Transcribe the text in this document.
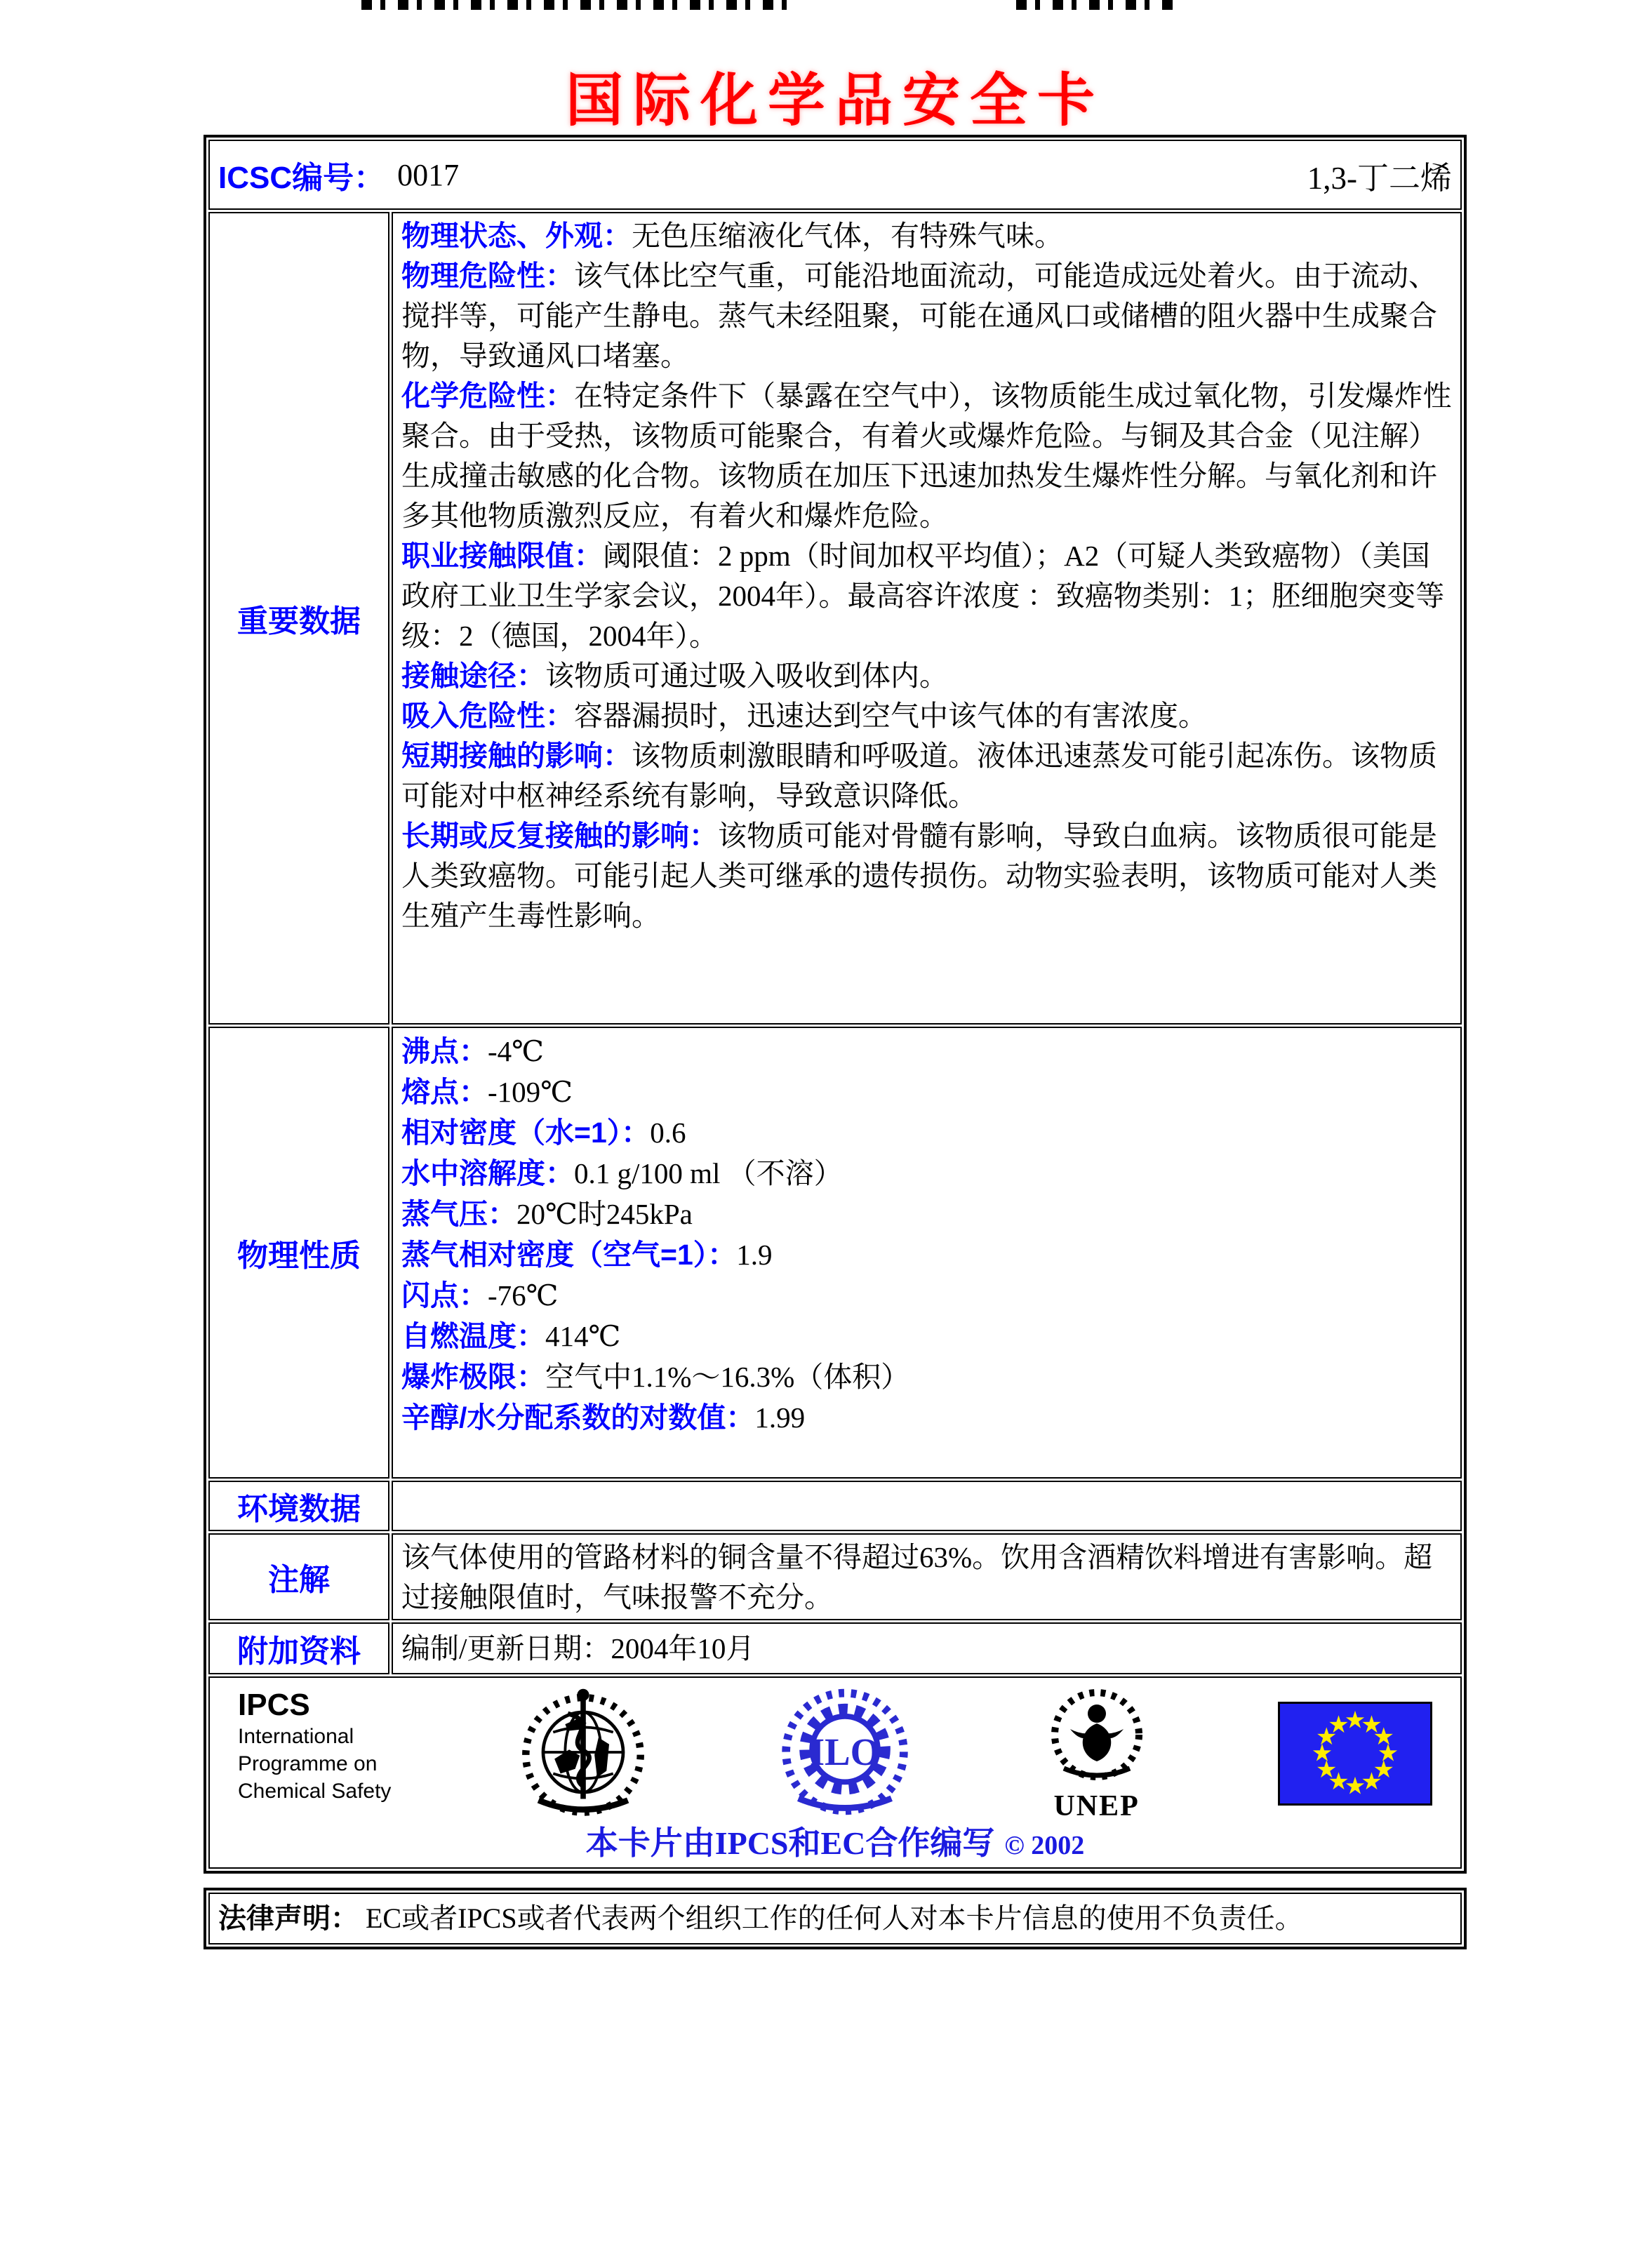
国际化学品安全卡
ICSC编号： 0017	1,3-丁二烯
重要数据
物理状态、外观：无色压缩液化气体，有特殊气味。
物理危险性：该气体比空气重，可能沿地面流动，可能造成远处着火。由于流动、搅拌等，可能产生静电。蒸气未经阻聚，可能在通风口或储槽的阻火器中生成聚合物，导致通风口堵塞。
化学危险性：在特定条件下（暴露在空气中），该物质能生成过氧化物，引发爆炸性聚合。由于受热，该物质可能聚合，有着火或爆炸危险。与铜及其合金（见注解）生成撞击敏感的化合物。该物质在加压下迅速加热发生爆炸性分解。与氧化剂和许多其他物质激烈反应，有着火和爆炸危险。
职业接触限值：阈限值：2 ppm（时间加权平均值）；A2（可疑人类致癌物）（美国政府工业卫生学家会议，2004年）。最高容许浓度 ：致癌物类别：1；胚细胞突变等级：2（德国，2004年）。
接触途径：该物质可通过吸入吸收到体内。
吸入危险性：容器漏损时，迅速达到空气中该气体的有害浓度。
短期接触的影响：该物质刺激眼睛和呼吸道。液体迅速蒸发可能引起冻伤。该物质可能对中枢神经系统有影响，导致意识降低。
长期或反复接触的影响：该物质可能对骨髓有影响，导致白血病。该物质很可能是人类致癌物。可能引起人类可继承的遗传损伤。动物实验表明，该物质可能对人类生殖产生毒性影响。
物理性质
沸点：-4℃
熔点：-109℃
相对密度（水=1）：0.6
水中溶解度：0.1 g/100 ml （不溶）
蒸气压：20℃时245kPa
蒸气相对密度（空气=1）：1.9
闪点：-76℃
自燃温度：414℃
爆炸极限：空气中1.1%～16.3%（体积）
辛醇/水分配系数的对数值：1.99
环境数据
注解
该气体使用的管路材料的铜含量不得超过63%。饮用含酒精饮料增进有害影响。超过接触限值时，气味报警不充分。
附加资料	编制/更新日期：2004年10月
IPCS
International
Programme on
Chemical Safety
ILO
UNEP
★
★
★
★
★
★
★
★
★
★
★
★
本卡片由IPCS和EC合作编写 © 2002
法律声明： EC或者IPCS或者代表两个组织工作的任何人对本卡片信息的使用不负责任。
